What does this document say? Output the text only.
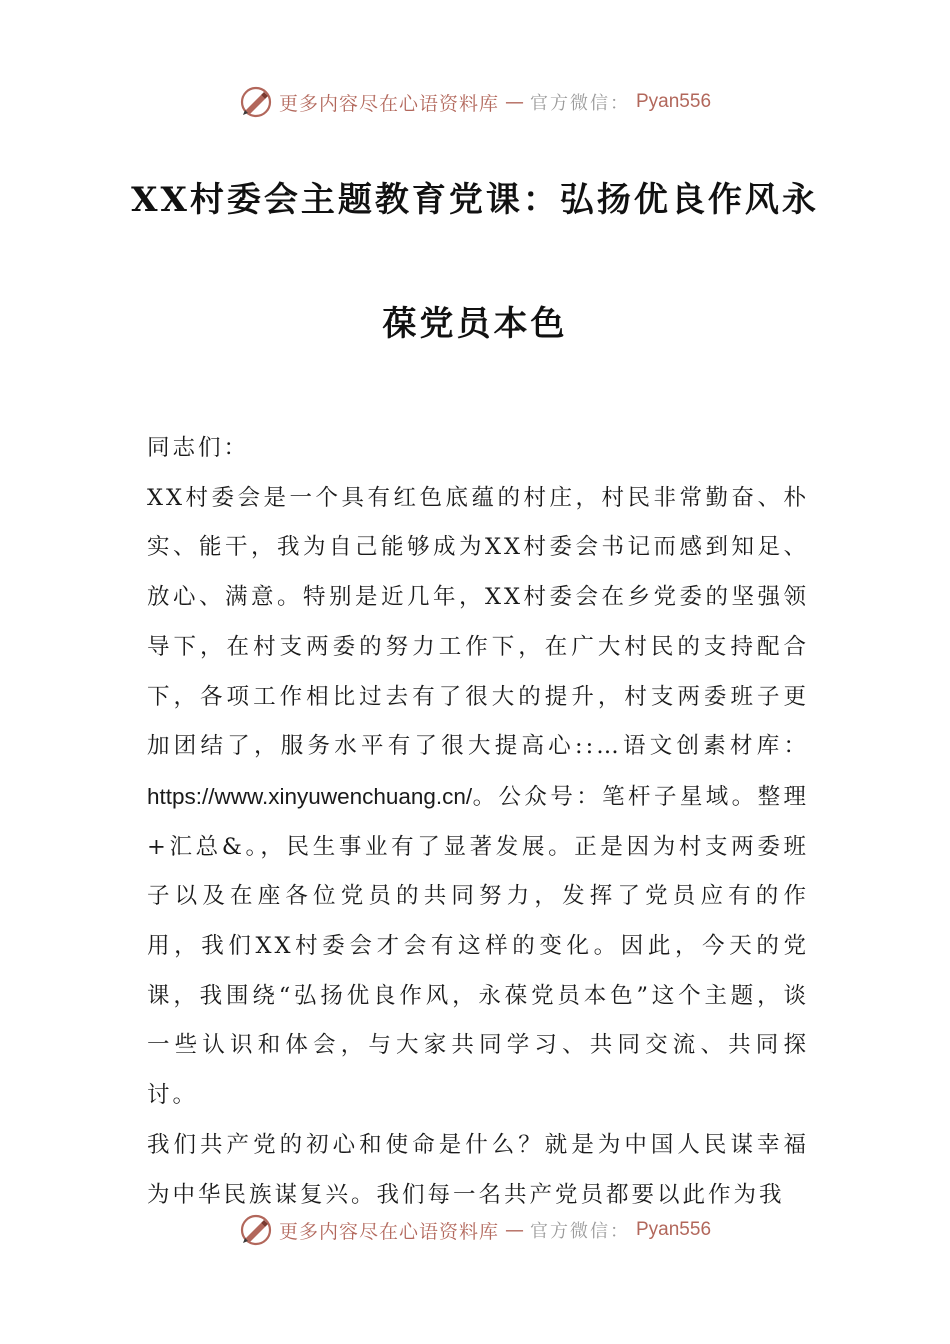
更多内容尽在心语资料库 — 官方微信： Pyan556
XX村委会主题教育党课：弘扬优良作风永
葆党员本色

同志们：

XX村委会是一个具有红色底蕴的村庄，村民非常勤奋、朴实、能干，我为自己能够成为XX村委会书记而感到知足、放心、满意。特别是近几年，XX村委会在乡党委的坚强领导下，在村支两委的努力工作下，在广大村民的支持配合下，各项工作相比过去有了很大的提升，村支两委班子更加团结了，服务水平有了很大提高心::…语文创素材库：https://www.xinyuwenchuang.cn/。公众号：笔杆子星域。整理+汇总&。，民生事业有了显著发展。正是因为村支两委班子以及在座各位党员的共同努力，发挥了党员应有的作用，我们XX村委会才会有这样的变化。因此，今天的党课，我围绕“弘扬优良作风，永葆党员本色”这个主题，谈一些认识和体会，与大家共同学习、共同交流、共同探讨。

我们共产党的初心和使命是什么？就是为中国人民谋幸福为中华民族谋复兴。我们每一名共产党员都要以此作为我

更多内容尽在心语资料库 — 官方微信： Pyan556
